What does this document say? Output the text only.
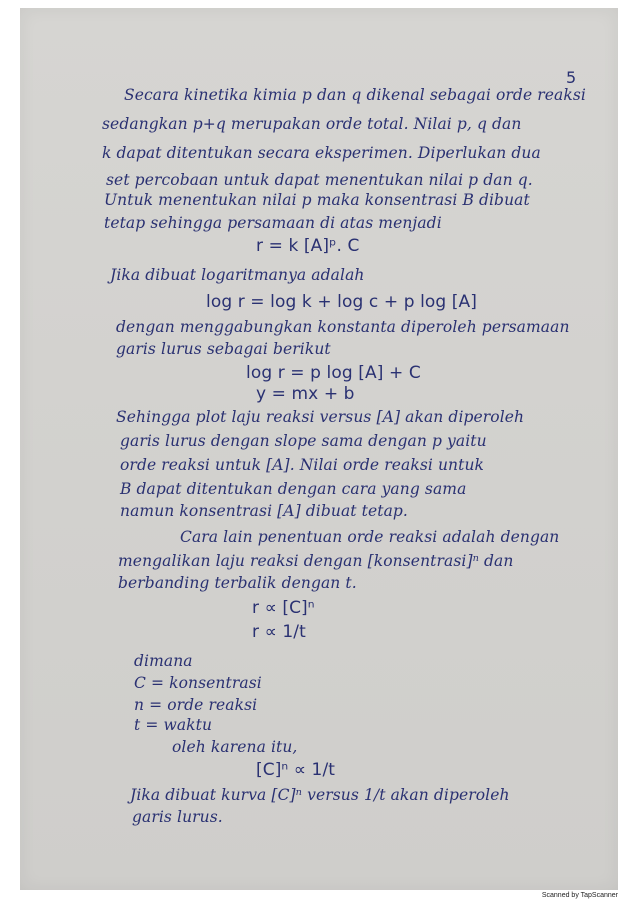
5
Secara kinetika kimia p dan q dikenal sebagai orde reaksi
sedangkan p+q merupakan orde total. Nilai p, q dan
k dapat ditentukan secara eksperimen. Diperlukan dua
set percobaan untuk dapat menentukan nilai p dan q.
Untuk menentukan nilai p maka konsentrasi B dibuat
tetap sehingga persamaan di atas menjadi
r = k [A]ᵖ. C
Jika dibuat logaritmanya adalah
log r = log k + log c + p log [A]
dengan menggabungkan konstanta diperoleh persamaan
garis lurus sebagai berikut
log r = p log [A] + C
y = mx + b
Sehingga plot laju reaksi versus [A] akan diperoleh
garis lurus dengan slope sama dengan p yaitu
orde reaksi untuk [A]. Nilai orde reaksi untuk
B dapat ditentukan dengan cara yang sama
namun konsentrasi [A] dibuat tetap.
Cara lain penentuan orde reaksi adalah dengan
mengalikan laju reaksi dengan [konsentrasi]ⁿ dan
berbanding terbalik dengan t.
r ∝ [C]ⁿ
r ∝ 1/t
dimana
C = konsentrasi
n = orde reaksi
t = waktu
oleh karena itu,
[C]ⁿ ∝ 1/t
Jika dibuat kurva [C]ⁿ versus 1/t akan diperoleh
garis lurus.
Scanned by TapScanner
